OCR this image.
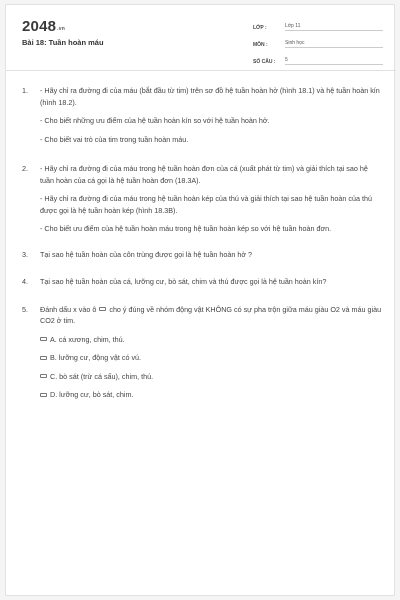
$2048^{.vn}$
Bài 18: Tuần hoàn máu
LỚP :	Lớp 11
MÔN :	Sinh học
SỐ CÂU :	5
1. - Hãy chỉ ra đường đi của máu (bắt đầu từ tim) trên sơ đồ hệ tuần hoàn hở (hình 18.1) và hệ tuần hoàn kín (hình 18.2).

- Cho biết những ưu điểm của hệ tuần hoàn kín so với hệ tuần hoàn hở.

- Cho biết vai trò của tim trong tuần hoàn máu.

2. - Hãy chỉ ra đường đi của máu trong hệ tuần hoàn đơn của cá (xuất phát từ tim) và giải thích tại sao hệ tuần hoàn của cá gọi là hệ tuần hoàn đơn (18.3A).

- Hãy chỉ ra đường đi của máu trong hệ tuần hoàn kép của thú và giải thích tại sao hệ tuần hoàn của thú được gọi là hệ tuần hoàn kép (hình 18.3B).

- Cho biết ưu điểm của hệ tuần hoàn máu trong hệ tuần hoàn kép so với hệ tuần hoàn đơn.

3. Tại sao hệ tuần hoàn của côn trùng được gọi là hệ tuần hoàn hở ?

4. Tại sao hệ tuần hoàn của cá, lưỡng cư, bò sát, chim và thú được gọi là hệ tuần hoàn kín?

5. Đánh dấu x vào ô cho ý đúng về nhóm động vật KHÔNG có sự pha trộn giữa máu giàu O2 và máu giàu CO2 ở tim.

A. cá xương, chim, thú.
B. lưỡng cư, động vật có vú.
C. bò sát (trừ cá sấu), chim, thú.
D. lưỡng cư, bò sát, chim.
